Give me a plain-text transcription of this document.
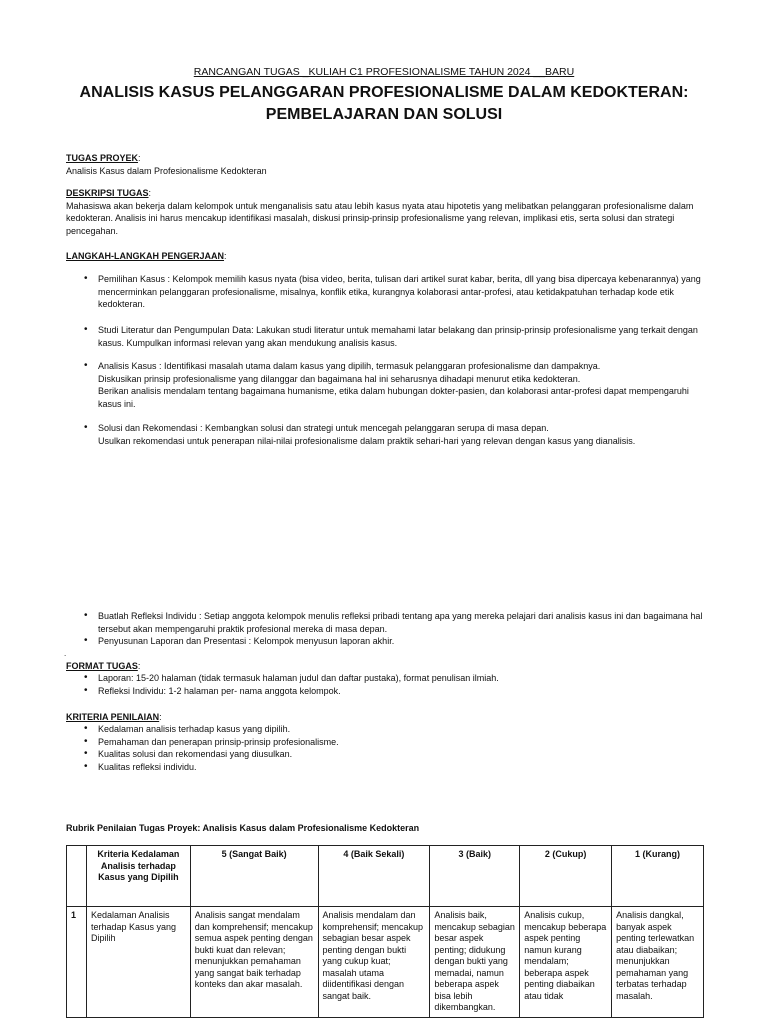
RANCANGAN TUGAS _KULIAH C1 PROFESIONALISME TAHUN 2024 __BARU
ANALISIS KASUS PELANGGARAN PROFESIONALISME DALAM KEDOKTERAN:
PEMBELAJARAN DAN SOLUSI
TUGAS PROYEK:
Analisis Kasus dalam Profesionalisme Kedokteran
DESKRIPSI TUGAS:
Mahasiswa akan bekerja dalam kelompok untuk menganalisis satu atau lebih kasus nyata atau hipotetis yang melibatkan pelanggaran profesionalisme dalam kedokteran. Analisis ini harus mencakup identifikasi masalah, diskusi prinsip-prinsip profesionalisme yang relevan, implikasi etis, serta solusi dan strategi pencegahan.
LANGKAH-LANGKAH PENGERJAAN:
• Pemilihan Kasus : Kelompok memilih kasus nyata (bisa video, berita, tulisan dari artikel surat kabar, berita, dll yang bisa dipercaya kebenarannya) yang mencerminkan pelanggaran profesionalisme, misalnya, konflik etika, kurangnya kolaborasi antar-profesi, atau ketidakpatuhan terhadap kode etik kedokteran.
• Studi Literatur dan Pengumpulan Data: Lakukan studi literatur untuk memahami latar belakang dan prinsip-prinsip profesionalisme yang terkait dengan kasus. Kumpulkan informasi relevan yang akan mendukung analisis kasus.
• Analisis Kasus : Identifikasi masalah utama dalam kasus yang dipilih, termasuk pelanggaran profesionalisme dan dampaknya.
Diskusikan prinsip profesionalisme yang dilanggar dan bagaimana hal ini seharusnya dihadapi menurut etika kedokteran.
Berikan analisis mendalam tentang bagaimana humanisme, etika dalam hubungan dokter-pasien, dan kolaborasi antar-profesi dapat mempengaruhi kasus ini.
• Solusi dan Rekomendasi : Kembangkan solusi dan strategi untuk mencegah pelanggaran serupa di masa depan.
Usulkan rekomendasi untuk penerapan nilai-nilai profesionalisme dalam praktik sehari-hari yang relevan dengan kasus yang dianalisis.
• Buatlah Refleksi Individu : Setiap anggota kelompok menulis refleksi pribadi tentang apa yang mereka pelajari dari analisis kasus ini dan bagaimana hal tersebut akan mempengaruhi praktik profesional mereka di masa depan.
• Penyusunan Laporan dan Presentasi : Kelompok menyusun laporan akhir.
.
FORMAT TUGAS:
• Laporan: 15-20 halaman (tidak termasuk halaman judul dan daftar pustaka), format penulisan ilmiah.
• Refleksi Individu: 1-2 halaman per- nama anggota kelompok.
KRITERIA PENILAIAN:
• Kedalaman analisis terhadap kasus yang dipilih.
• Pemahaman dan penerapan prinsip-prinsip profesionalisme.
• Kualitas solusi dan rekomendasi yang diusulkan.
• Kualitas refleksi individu.
Rubrik Penilaian Tugas Proyek: Analisis Kasus dalam Profesionalisme Kedokteran
	Kriteria Kedalaman Analisis terhadap Kasus yang Dipilih	5 (Sangat Baik)	4 (Baik Sekali)	3 (Baik)	2 (Cukup)	1 (Kurang)
1	Kedalaman Analisis terhadap Kasus yang Dipilih	Analisis sangat mendalam dan komprehensif; mencakup semua aspek penting dengan bukti kuat dan relevan; menunjukkan pemahaman yang sangat baik terhadap konteks dan akar masalah.	Analisis mendalam dan komprehensif; mencakup sebagian besar aspek penting dengan bukti yang cukup kuat; masalah utama diidentifikasi dengan sangat baik.	Analisis baik, mencakup sebagian besar aspek penting; didukung dengan bukti yang memadai, namun beberapa aspek bisa lebih dikembangkan.	Analisis cukup, mencakup beberapa aspek penting namun kurang mendalam; beberapa aspek penting diabaikan atau tidak	Analisis dangkal, banyak aspek penting terlewatkan atau diabaikan; menunjukkan pemahaman yang terbatas terhadap masalah.
